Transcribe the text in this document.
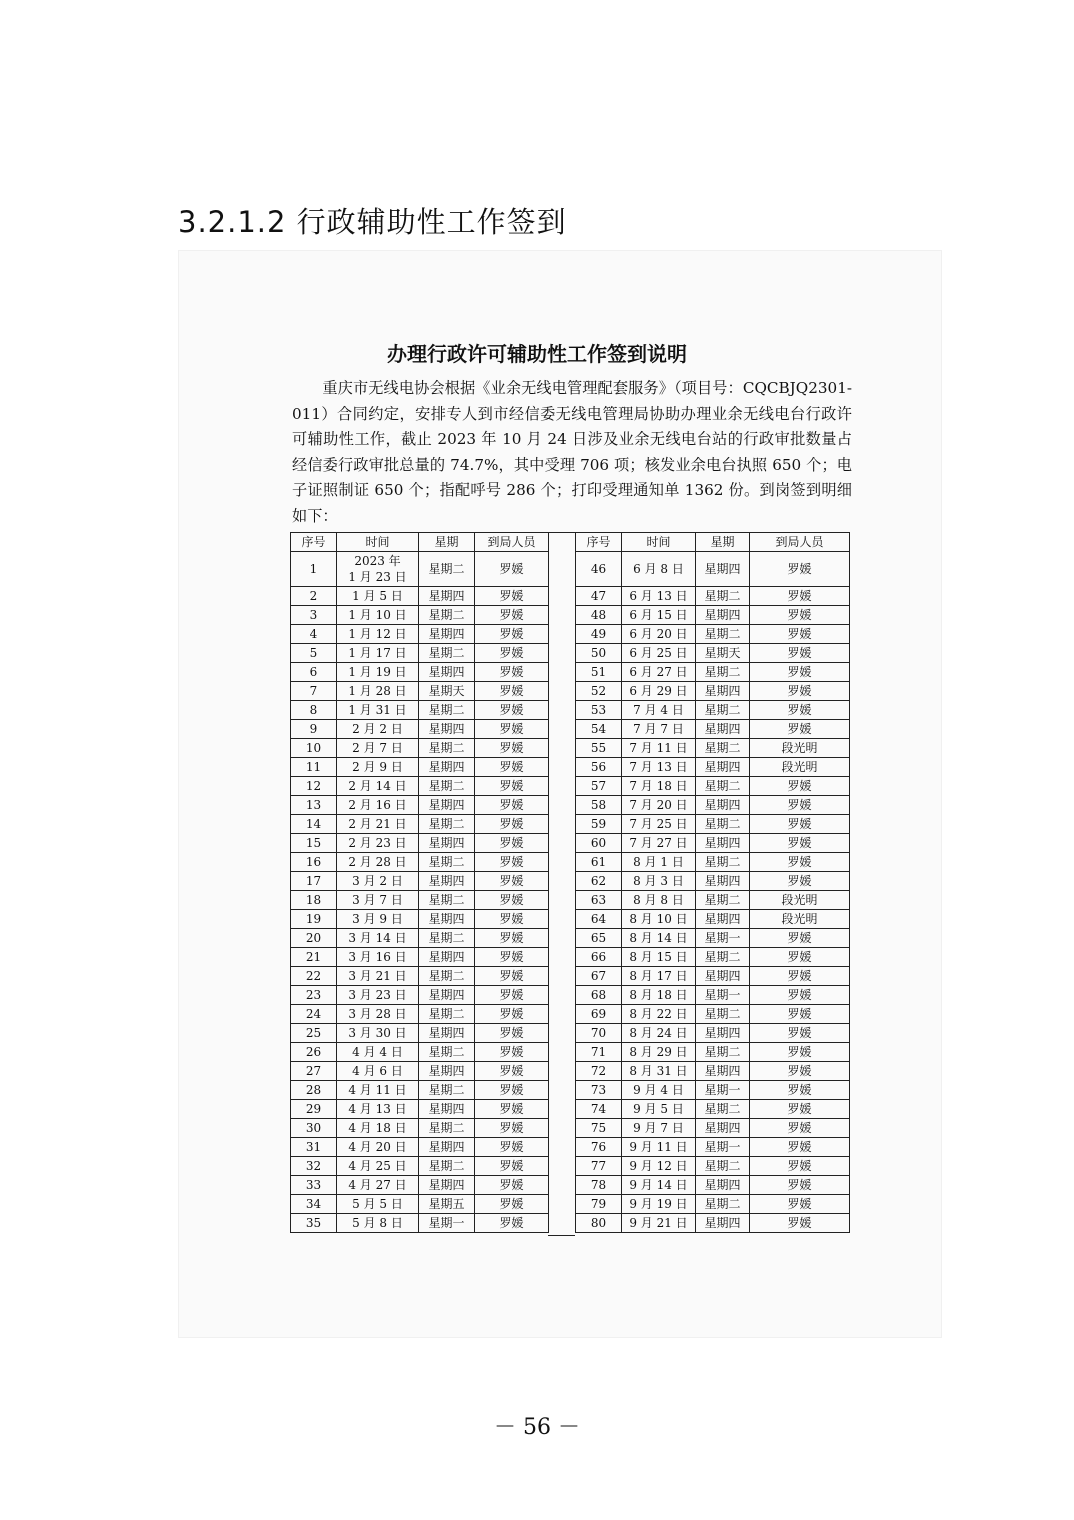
3.2.1.2 行政辅助性工作签到
办理行政许可辅助性工作签到说明

重庆市无线电协会根据《业余无线电管理配套服务》（项目号：CQCBJQ2301-011）合同约定，安排专人到市经信委无线电管理局协助办理业余无线电台行政许可辅助性工作，截止 2023 年 10 月 24 日涉及业余无线电台站的行政审批数量占经信委行政审批总量的 74.7%，其中受理 706 项；核发业余电台执照 650 个；电子证照制证 650 个；指配呼号 286 个；打印受理通知单 1362 份。到岗签到明细如下：

序号	时间	星期	到局人员
1	2023 年
1 月 23 日	星期二	罗媛
2	1 月 5 日	星期四	罗媛
3	1 月 10 日	星期二	罗媛
4	1 月 12 日	星期四	罗媛
5	1 月 17 日	星期二	罗媛
6	1 月 19 日	星期四	罗媛
7	1 月 28 日	星期天	罗媛
8	1 月 31 日	星期二	罗媛
9	2 月 2 日	星期四	罗媛
10	2 月 7 日	星期二	罗媛
11	2 月 9 日	星期四	罗媛
12	2 月 14 日	星期二	罗媛
13	2 月 16 日	星期四	罗媛
14	2 月 21 日	星期二	罗媛
15	2 月 23 日	星期四	罗媛
16	2 月 28 日	星期二	罗媛
17	3 月 2 日	星期四	罗媛
18	3 月 7 日	星期二	罗媛
19	3 月 9 日	星期四	罗媛
20	3 月 14 日	星期二	罗媛
21	3 月 16 日	星期四	罗媛
22	3 月 21 日	星期二	罗媛
23	3 月 23 日	星期四	罗媛
24	3 月 28 日	星期二	罗媛
25	3 月 30 日	星期四	罗媛
26	4 月 4 日	星期二	罗媛
27	4 月 6 日	星期四	罗媛
28	4 月 11 日	星期二	罗媛
29	4 月 13 日	星期四	罗媛
30	4 月 18 日	星期二	罗媛
31	4 月 20 日	星期四	罗媛
32	4 月 25 日	星期二	罗媛
33	4 月 27 日	星期四	罗媛
34	5 月 5 日	星期五	罗媛
35	5 月 8 日	星期一	罗媛
序号	时间	星期	到局人员
46	6 月 8 日	星期四	罗媛
47	6 月 13 日	星期二	罗媛
48	6 月 15 日	星期四	罗媛
49	6 月 20 日	星期二	罗媛
50	6 月 25 日	星期天	罗媛
51	6 月 27 日	星期二	罗媛
52	6 月 29 日	星期四	罗媛
53	7 月 4 日	星期二	罗媛
54	7 月 7 日	星期四	罗媛
55	7 月 11 日	星期二	段光明
56	7 月 13 日	星期四	段光明
57	7 月 18 日	星期二	罗媛
58	7 月 20 日	星期四	罗媛
59	7 月 25 日	星期二	罗媛
60	7 月 27 日	星期四	罗媛
61	8 月 1 日	星期二	罗媛
62	8 月 3 日	星期四	罗媛
63	8 月 8 日	星期二	段光明
64	8 月 10 日	星期四	段光明
65	8 月 14 日	星期一	罗媛
66	8 月 15 日	星期二	罗媛
67	8 月 17 日	星期四	罗媛
68	8 月 18 日	星期一	罗媛
69	8 月 22 日	星期二	罗媛
70	8 月 24 日	星期四	罗媛
71	8 月 29 日	星期二	罗媛
72	8 月 31 日	星期四	罗媛
73	9 月 4 日	星期一	罗媛
74	9 月 5 日	星期二	罗媛
75	9 月 7 日	星期四	罗媛
76	9 月 11 日	星期一	罗媛
77	9 月 12 日	星期二	罗媛
78	9 月 14 日	星期四	罗媛
79	9 月 19 日	星期二	罗媛
80	9 月 21 日	星期四	罗媛

－ 56 －
